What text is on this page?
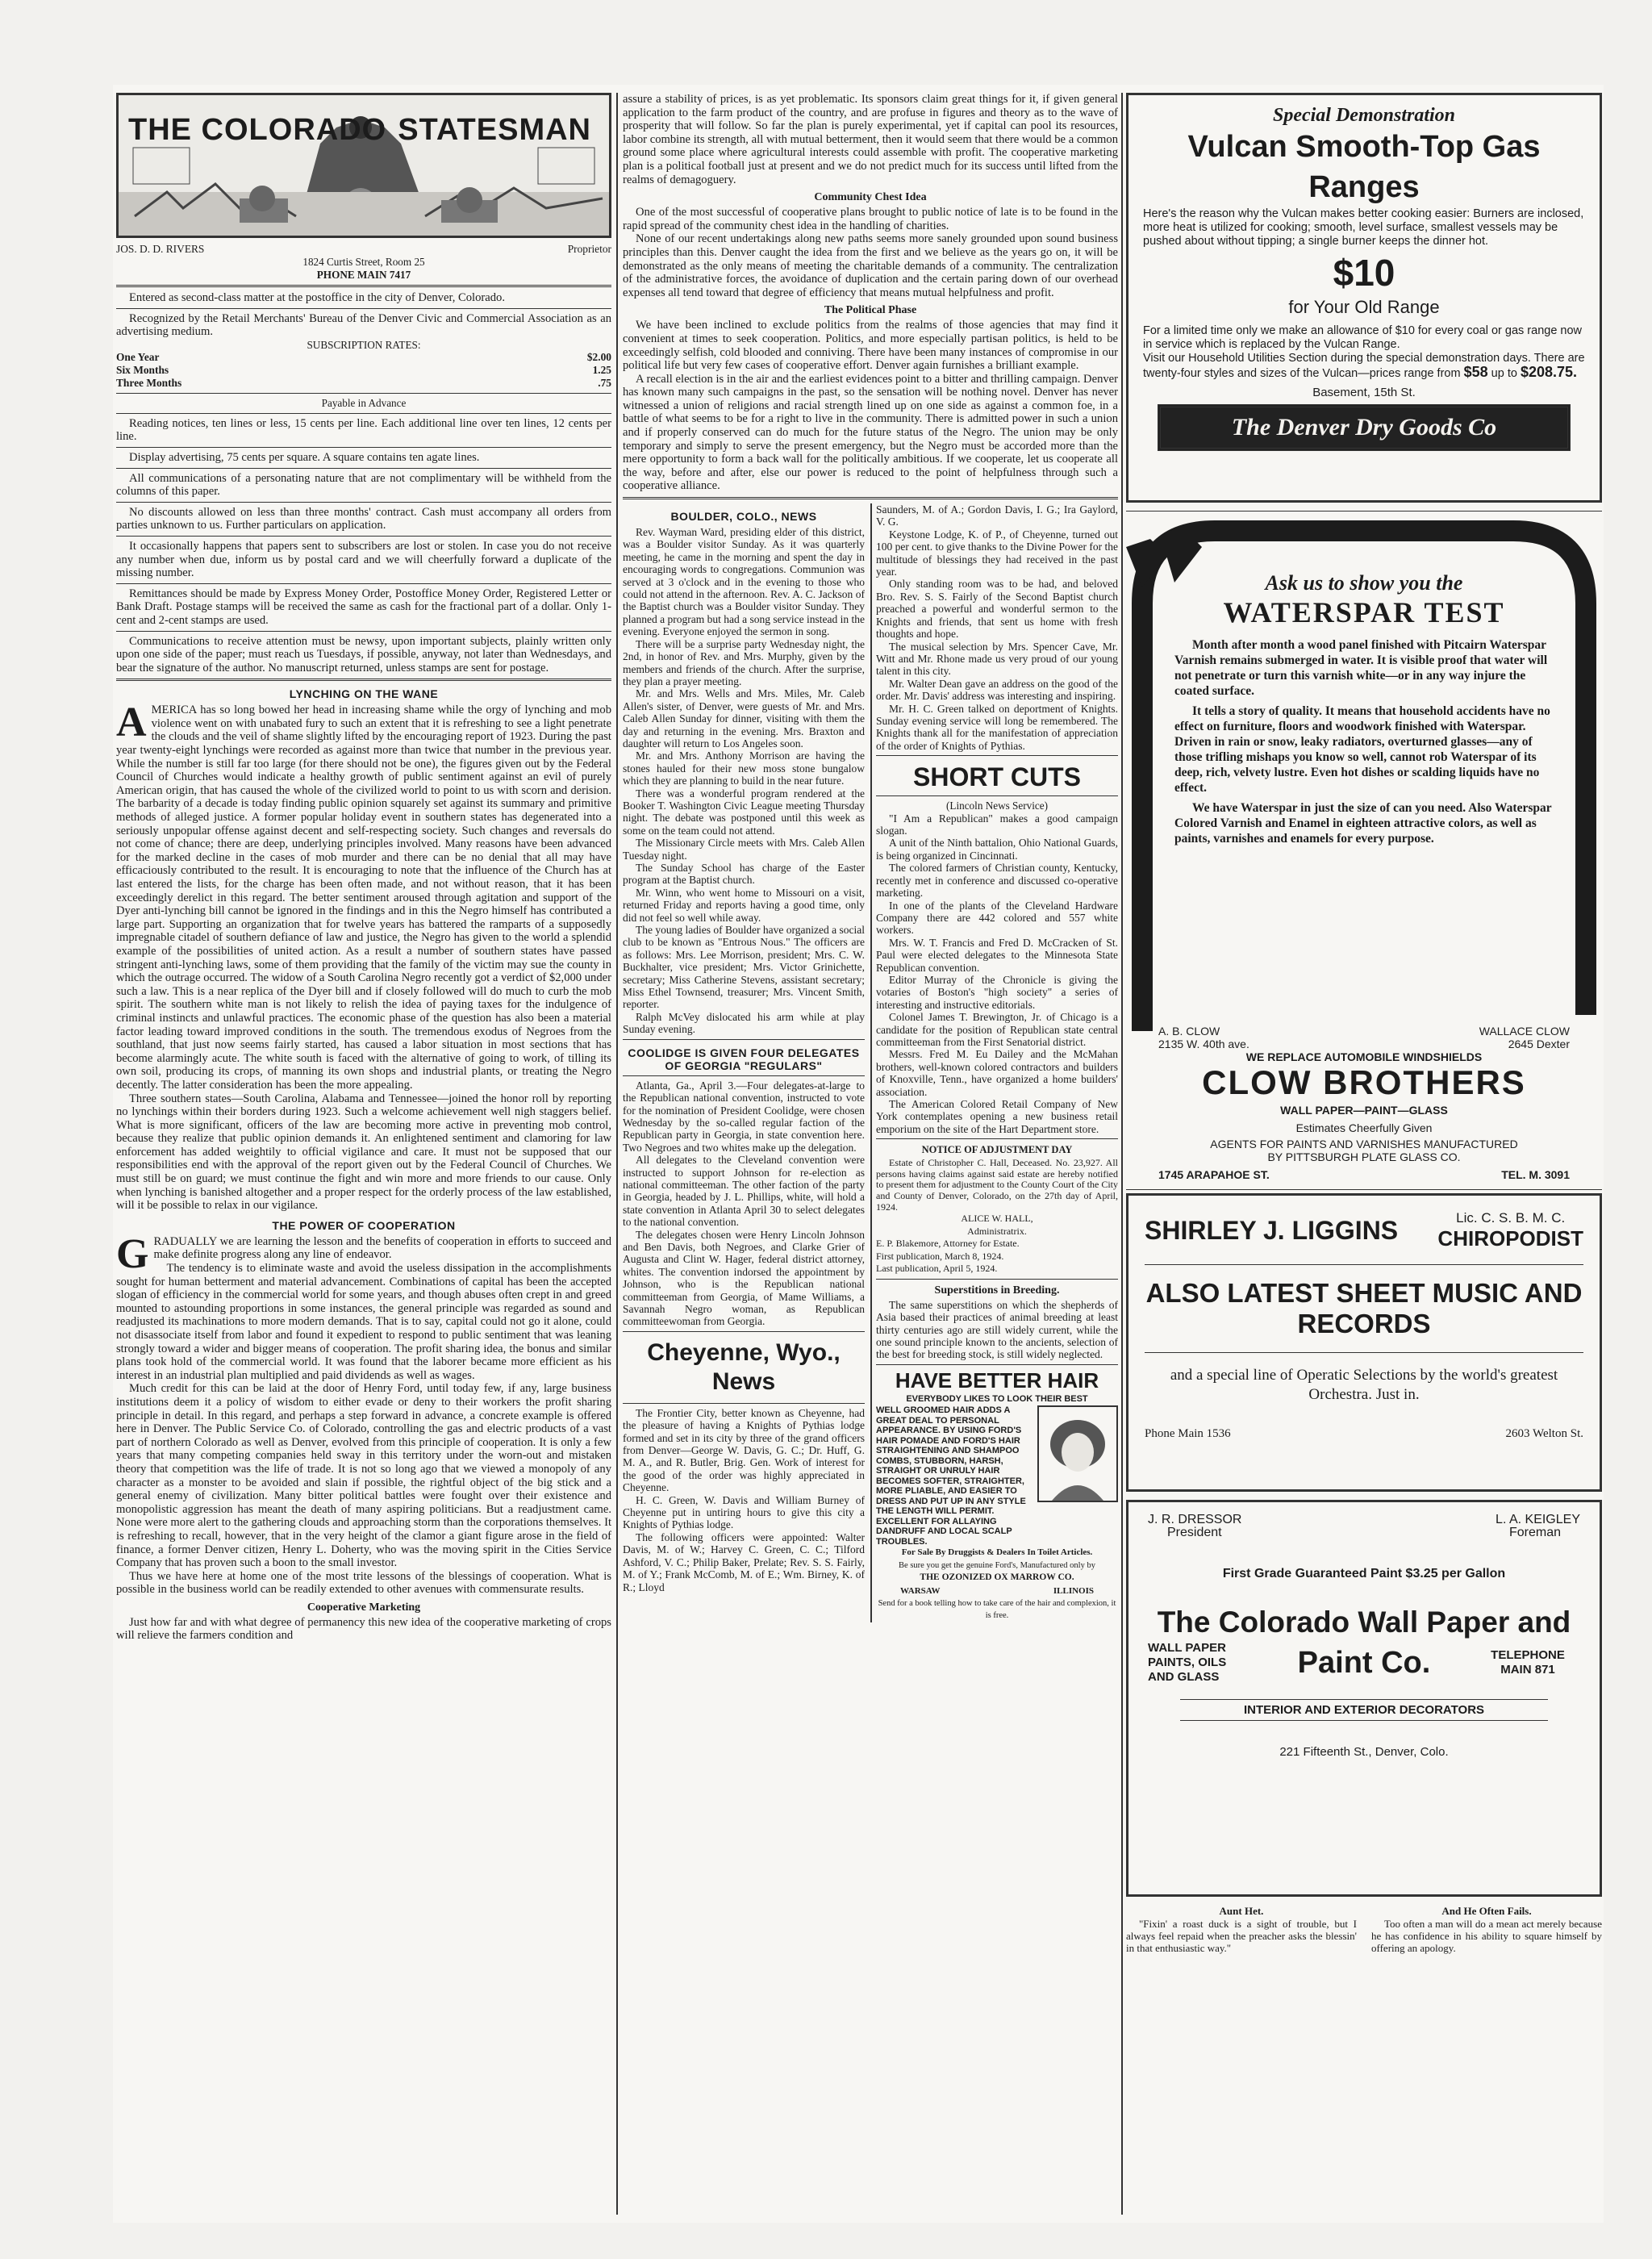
THE COLORADO STATESMAN
JOS. D. D. RIVERS	Proprietor
1824 Curtis Street, Room 25
PHONE MAIN 7417

Entered as second-class matter at the postoffice in the city of Denver, Colorado.

Recognized by the Retail Merchants' Bureau of the Denver Civic and Commercial Association as an advertising medium.

SUBSCRIPTION RATES:
One Year	$2.00
Six Months	1.25
Three Months	.75
Payable in Advance

Reading notices, ten lines or less, 15 cents per line. Each additional line over ten lines, 12 cents per line.

Display advertising, 75 cents per square. A square contains ten agate lines.

All communications of a personating nature that are not complimentary will be withheld from the columns of this paper.

No discounts allowed on less than three months' contract. Cash must accompany all orders from parties unknown to us. Further particulars on application.

It occasionally happens that papers sent to subscribers are lost or stolen. In case you do not receive any number when due, inform us by postal card and we will cheerfully forward a duplicate of the missing number.

Remittances should be made by Express Money Order, Postoffice Money Order, Registered Letter or Bank Draft. Postage stamps will be received the same as cash for the fractional part of a dollar. Only 1-cent and 2-cent stamps are used.

Communications to receive attention must be newsy, upon important subjects, plainly written only upon one side of the paper; must reach us Tuesdays, if possible, anyway, not later than Wednesdays, and bear the signature of the author. No manuscript returned, unless stamps are sent for postage.

LYNCHING ON THE WANE

AMERICA has so long bowed her head in increasing shame while the orgy of lynching and mob violence went on with unabated fury to such an extent that it is refreshing to see a light penetrate the clouds and the veil of shame slightly lifted by the encouraging report of 1923. During the past year twenty-eight lynchings were recorded as against more than twice that number in the previous year. While the number is still far too large (for there should not be one), the figures given out by the Federal Council of Churches would indicate a healthy growth of public sentiment against an evil of purely American origin, that has caused the whole of the civilized world to point to us with scorn and derision. The barbarity of a decade is today finding public opinion squarely set against its summary and primitive methods of alleged justice. A former popular holiday event in southern states has degenerated into a seriously unpopular offense against decent and self-respecting society. Such changes and reversals do not come of chance; there are deep, underlying principles involved. Many reasons have been advanced for the marked decline in the cases of mob murder and there can be no denial that all may have efficaciously contributed to the result. It is encouraging to note that the influence of the Church has at last entered the lists, for the charge has been often made, and not without reason, that it has been exceedingly derelict in this regard. The better sentiment aroused through agitation and support of the Dyer anti-lynching bill cannot be ignored in the findings and in this the Negro himself has contributed a large part. Supporting an organization that for twelve years has battered the ramparts of a supposedly impregnable citadel of southern defiance of law and justice, the Negro has given to the world a splendid example of the possibilities of united action. As a result a number of southern states have passed stringent anti-lynching laws, some of them providing that the family of the victim may sue the county in which the outrage occurred. The widow of a South Carolina Negro recently got a verdict of $2,000 under such a law. This is a near replica of the Dyer bill and if closely followed will do much to curb the mob spirit. The southern white man is not likely to relish the idea of paying taxes for the indulgence of criminal instincts and unlawful practices. The economic phase of the question has also been a material factor leading toward improved conditions in the south. The tremendous exodus of Negroes from the southland, that just now seems fairly started, has caused a labor situation in most sections that has become alarmingly acute. The white south is faced with the alternative of going to work, of tilling its own soil, producing its crops, of manning its own shops and industrial plants, or treating the Negro decently. The latter consideration has been the more appealing.

Three southern states—South Carolina, Alabama and Tennessee—joined the honor roll by reporting no lynchings within their borders during 1923. Such a welcome achievement well nigh staggers belief. What is more significant, officers of the law are becoming more active in preventing mob control, because they realize that public opinion demands it. An enlightened sentiment and clamoring for law enforcement has added weightily to official vigilance and care. It must not be supposed that our responsibilities end with the approval of the report given out by the Federal Council of Churches. We must still be on guard; we must continue the fight and win more and more friends to our cause. Only when lynching is banished altogether and a proper respect for the orderly process of the law established, will it be possible to relax in our vigilance.

THE POWER OF COOPERATION

GRADUALLY we are learning the lesson and the benefits of cooperation in efforts to succeed and make definite progress along any line of endeavor.

The tendency is to eliminate waste and avoid the useless dissipation in the accomplishments sought for human betterment and material advancement. Combinations of capital has been the accepted slogan of efficiency in the commercial world for some years, and though abuses often crept in and greed mounted to astounding proportions in some instances, the general principle was regarded as sound and readjusted its machinations to more modern demands. That is to say, capital could not go it alone, could not disassociate itself from labor and found it expedient to respond to public sentiment that was leaning strongly toward a wider and bigger means of cooperation. The profit sharing idea, the bonus and similar plans took hold of the commercial world. It was found that the laborer became more efficient as his interest in an industrial plan multiplied and paid dividends as well as wages.

Much credit for this can be laid at the door of Henry Ford, until today few, if any, large business institutions deem it a policy of wisdom to either evade or deny to their workers the profit sharing principle in detail. In this regard, and perhaps a step forward in advance, a concrete example is offered here in Denver. The Public Service Co. of Colorado, controlling the gas and electric products of a vast part of northern Colorado as well as Denver, evolved from this principle of cooperation. It is only a few years that many competing companies held sway in this territory under the worn-out and mistaken theory that competition was the life of trade. It is not so long ago that we viewed a monopoly of any character as a monster to be avoided and slain if possible, the rightful object of the big stick and a general enemy of civilization. Many bitter political battles were fought over their existence and monopolistic aggression has meant the death of many aspiring politicians. But a readjustment came. None were more alert to the gathering clouds and approaching storm than the corporations themselves. It is refreshing to recall, however, that in the very height of the clamor a giant figure arose in the field of finance, a former Denver citizen, Henry L. Doherty, who was the moving spirit in the Cities Service Company that has proven such a boon to the small investor.

Thus we have here at home one of the most trite lessons of the blessings of cooperation. What is possible in the business world can be readily extended to other avenues with commensurate results.

Cooperative Marketing

Just how far and with what degree of permanency this new idea of the cooperative marketing of crops will relieve the farmers condition and

assure a stability of prices, is as yet problematic. Its sponsors claim great things for it, if given general application to the farm product of the country, and are profuse in figures and theory as to the wave of prosperity that will follow. So far the plan is purely experimental, yet if capital can pool its resources, labor combine its strength, all with mutual betterment, then it would seem that there would be a common ground some place where agricultural interests could assemble with profit. The cooperative marketing plan is a political football just at present and we do not predict much for its success until lifted from the realms of demagoguery.

Community Chest Idea

One of the most successful of cooperative plans brought to public notice of late is to be found in the rapid spread of the community chest idea in the handling of charities.

None of our recent undertakings along new paths seems more sanely grounded upon sound business principles than this. Denver caught the idea from the first and we believe as the years go on, it will be demonstrated as the only means of meeting the charitable demands of a community. The centralization of the administrative forces, the avoidance of duplication and the certain paring down of our overhead expenses all tend toward that degree of efficiency that means mutual helpfulness and profit.

The Political Phase

We have been inclined to exclude politics from the realms of those agencies that may find it convenient at times to seek cooperation. Politics, and more especially partisan politics, is held to be exceedingly selfish, cold blooded and conniving. There have been many instances of compromise in our political life but very few cases of cooperative effort. Denver again furnishes a brilliant example.

A recall election is in the air and the earliest evidences point to a bitter and thrilling campaign. Denver has known many such campaigns in the past, so the sensation will be nothing novel. Denver has never witnessed a union of religions and racial strength lined up on one side as against a common foe, in a battle of what seems to be for a right to live in the community. There is admitted power in such a union and if properly conserved can do much for the future status of the Negro. The union may be only temporary and simply to serve the present emergency, but the Negro must be accorded more than the mere opportunity to form a back wall for the politically ambitious. If we cooperate, let us cooperate all the way, before and after, else our power is reduced to the point of helpfulness through such a cooperative alliance.

BOULDER, COLO., NEWS

Rev. Wayman Ward, presiding elder of this district, was a Boulder visitor Sunday. As it was quarterly meeting, he came in the morning and spent the day in encouraging words to congregations. Communion was served at 3 o'clock and in the evening to those who could not attend in the afternoon. Rev. A. C. Jackson of the Baptist church was a Boulder visitor Sunday. They planned a program but had a song service instead in the evening. Everyone enjoyed the sermon in song.

There will be a surprise party Wednesday night, the 2nd, in honor of Rev. and Mrs. Murphy, given by the members and friends of the church. After the surprise, they plan a prayer meeting.

Mr. and Mrs. Wells and Mrs. Miles, Mr. Caleb Allen's sister, of Denver, were guests of Mr. and Mrs. Caleb Allen Sunday for dinner, visiting with them the day and returning in the evening. Mrs. Braxton and daughter will return to Los Angeles soon.

Mr. and Mrs. Anthony Morrison are having the stones hauled for their new moss stone bungalow which they are planning to build in the near future.

There was a wonderful program rendered at the Booker T. Washington Civic League meeting Thursday night. The debate was postponed until this week as some on the team could not attend.

The Missionary Circle meets with Mrs. Caleb Allen Tuesday night.

The Sunday School has charge of the Easter program at the Baptist church.

Mr. Winn, who went home to Missouri on a visit, returned Friday and reports having a good time, only did not feel so well while away.

The young ladies of Boulder have organized a social club to be known as "Entrous Nous." The officers are as follows: Mrs. Lee Morrison, president; Mrs. C. W. Buckhalter, vice president; Mrs. Victor Grinichette, secretary; Miss Catherine Stevens, assistant secretary; Miss Ethel Townsend, treasurer; Mrs. Vincent Smith, reporter.

Ralph McVey dislocated his arm while at play Sunday evening.

COOLIDGE IS GIVEN FOUR DELEGATES OF GEORGIA "REGULARS"

Atlanta, Ga., April 3.—Four delegates-at-large to the Republican national convention, instructed to vote for the nomination of President Coolidge, were chosen Wednesday by the so-called regular faction of the Republican party in Georgia, in state convention here. Two Negroes and two whites make up the delegation.

All delegates to the Cleveland convention were instructed to support Johnson for re-election as national committeeman. The other faction of the party in Georgia, headed by J. L. Phillips, white, will hold a state convention in Atlanta April 30 to select delegates to the national convention.

The delegates chosen were Henry Lincoln Johnson and Ben Davis, both Negroes, and Clarke Grier of Augusta and Clint W. Hager, federal district attorney, whites. The convention indorsed the appointment by Johnson, who is the Republican national committeeman from Georgia, of Mame Williams, a Savannah Negro woman, as Republican committeewoman from Georgia.

Cheyenne, Wyo., News

The Frontier City, better known as Cheyenne, had the pleasure of having a Knights of Pythias lodge formed and set in its city by three of the grand officers from Denver—George W. Davis, G. C.; Dr. Huff, G. M. A., and R. Butler, Brig. Gen. Work of interest for the good of the order was highly appreciated in Cheyenne.

H. C. Green, W. Davis and William Burney of Cheyenne put in untiring hours to give this city a Knights of Pythias lodge.

The following officers were appointed: Walter Davis, M. of W.; Harvey C. Green, C. C.; Tilford Ashford, V. C.; Philip Baker, Prelate; Rev. S. S. Fairly, M. of Y.; Frank McComb, M. of E.; Wm. Birney, K. of R.; Lloyd

Saunders, M. of A.; Gordon Davis, I. G.; Ira Gaylord, V. G.

Keystone Lodge, K. of P., of Cheyenne, turned out 100 per cent. to give thanks to the Divine Power for the multitude of blessings they had received in the past year.

Only standing room was to be had, and beloved Bro. Rev. S. S. Fairly of the Second Baptist church preached a powerful and wonderful sermon to the Knights and friends, that sent us home with fresh thoughts and hope.

The musical selection by Mrs. Spencer Cave, Mr. Witt and Mr. Rhone made us very proud of our young talent in this city.

Mr. Walter Dean gave an address on the good of the order. Mr. Davis' address was interesting and inspiring.

Mr. H. C. Green talked on deportment of Knights. Sunday evening service will long be remembered. The Knights thank all for the manifestation of appreciation of the order of Knights of Pythias.

SHORT CUTS
(Lincoln News Service)

"I Am a Republican" makes a good campaign slogan.

A unit of the Ninth battalion, Ohio National Guards, is being organized in Cincinnati.

The colored farmers of Christian county, Kentucky, recently met in conference and discussed co-operative marketing.

In one of the plants of the Cleveland Hardware Company there are 442 colored and 557 white workers.

Mrs. W. T. Francis and Fred D. McCracken of St. Paul were elected delegates to the Minnesota State Republican convention.

Editor Murray of the Chronicle is giving the votaries of Boston's "high society" a series of interesting and instructive editorials.

Colonel James T. Brewington, Jr. of Chicago is a candidate for the position of Republican state central committeeman from the First Senatorial district.

Messrs. Fred M. Eu Dailey and the McMahan brothers, well-known colored contractors and builders of Knoxville, Tenn., have organized a home builders' association.

The American Colored Retail Company of New York contemplates opening a new business retail emporium on the site of the Hart Department store.

NOTICE OF ADJUSTMENT DAY

Estate of Christopher C. Hall, Deceased. No. 23,927. All persons having claims against said estate are hereby notified to present them for adjustment to the County Court of the City and County of Denver, Colorado, on the 27th day of April, 1924.

ALICE W. HALL,
Administratrix.
E. P. Blakemore, Attorney for Estate.
First publication, March 8, 1924.
Last publication, April 5, 1924.
Superstitions in Breeding.

The same superstitions on which the shepherds of Asia based their practices of animal breeding at least thirty centuries ago are still widely current, while the one sound principle known to the ancients, selection of the best for breeding stock, is still widely neglected.

HAVE BETTER HAIR
EVERYBODY LIKES TO LOOK THEIR BEST

WELL GROOMED HAIR ADDS A GREAT DEAL TO PERSONAL APPEARANCE. BY USING FORD'S HAIR POMADE AND FORD'S HAIR STRAIGHTENING AND SHAMPOO COMBS, STUBBORN, HARSH, STRAIGHT OR UNRULY HAIR BECOMES SOFTER, STRAIGHTER, MORE PLIABLE, AND EASIER TO DRESS AND PUT UP IN ANY STYLE THE LENGTH WILL PERMIT. EXCELLENT FOR ALLAYING DANDRUFF AND LOCAL SCALP TROUBLES.

For Sale By Druggists & Dealers In Toilet Articles.
Be sure you get the genuine Ford's, Manufactured only by
THE OZONIZED OX MARROW CO.
WARSAW	ILLINOIS
Send for a book telling how to take care of the hair and complexion, it is free.
Special Demonstration
Vulcan Smooth-Top Gas Ranges

Here's the reason why the Vulcan makes better cooking easier: Burners are inclosed, more heat is utilized for cooking; smooth, level surface, smallest vessels may be pushed about without tipping; a single burner keeps the dinner hot.

$10
for Your Old Range

For a limited time only we make an allowance of $10 for every coal or gas range now in service which is replaced by the Vulcan Range.

Visit our Household Utilities Section during the special demonstration days. There are twenty-four styles and sizes of the Vulcan—prices range from $58 up to $208.75.

Basement, 15th St.
The Denver Dry Goods Co
Ask us to show you the
WATERSPAR TEST

Month after month a wood panel finished with Pitcairn Waterspar Varnish remains submerged in water. It is visible proof that water will not penetrate or turn this varnish white—or in any way injure the coated surface.

It tells a story of quality. It means that household accidents have no effect on furniture, floors and woodwork finished with Waterspar. Driven in rain or snow, leaky radiators, overturned glasses—any of those trifling mishaps you know so well, cannot rob Waterspar of its deep, rich, velvety lustre. Even hot dishes or scalding liquids have no effect.

We have Waterspar in just the size of can you need. Also Waterspar Colored Varnish and Enamel in eighteen attractive colors, as well as paints, varnishes and enamels for every purpose.

A. B. CLOW	WALLACE CLOW
2135 W. 40th ave.	2645 Dexter
WE REPLACE AUTOMOBILE WINDSHIELDS
CLOW BROTHERS
WALL PAPER—PAINT—GLASS
Estimates Cheerfully Given
AGENTS FOR PAINTS AND VARNISHES MANUFACTURED
BY PITTSBURGH PLATE GLASS CO.
1745 ARAPAHOE ST.	TEL. M. 3091
SHIRLEY J. LIGGINS	Lic. C. S. B. M. C.
CHIROPODIST
ALSO LATEST SHEET MUSIC AND RECORDS

and a special line of Operatic Selections by the world's greatest Orchestra. Just in.

Phone Main 1536	2603 Welton St.
J. R. DRESSOR	L. A. KEIGLEY
President	Foreman
First Grade Guaranteed Paint $3.25 per Gallon
The Colorado Wall Paper and
WALL PAPER PAINTS, OILS AND GLASS	Paint Co.	TELEPHONE MAIN 871
INTERIOR AND EXTERIOR DECORATORS
221 Fifteenth St., Denver, Colo.
Aunt Het.

"Fixin' a roast duck is a sight of trouble, but I always feel repaid when the preacher asks the blessin' in that enthusiastic way."

And He Often Fails.

Too often a man will do a mean act merely because he has confidence in his ability to square himself by offering an apology.
